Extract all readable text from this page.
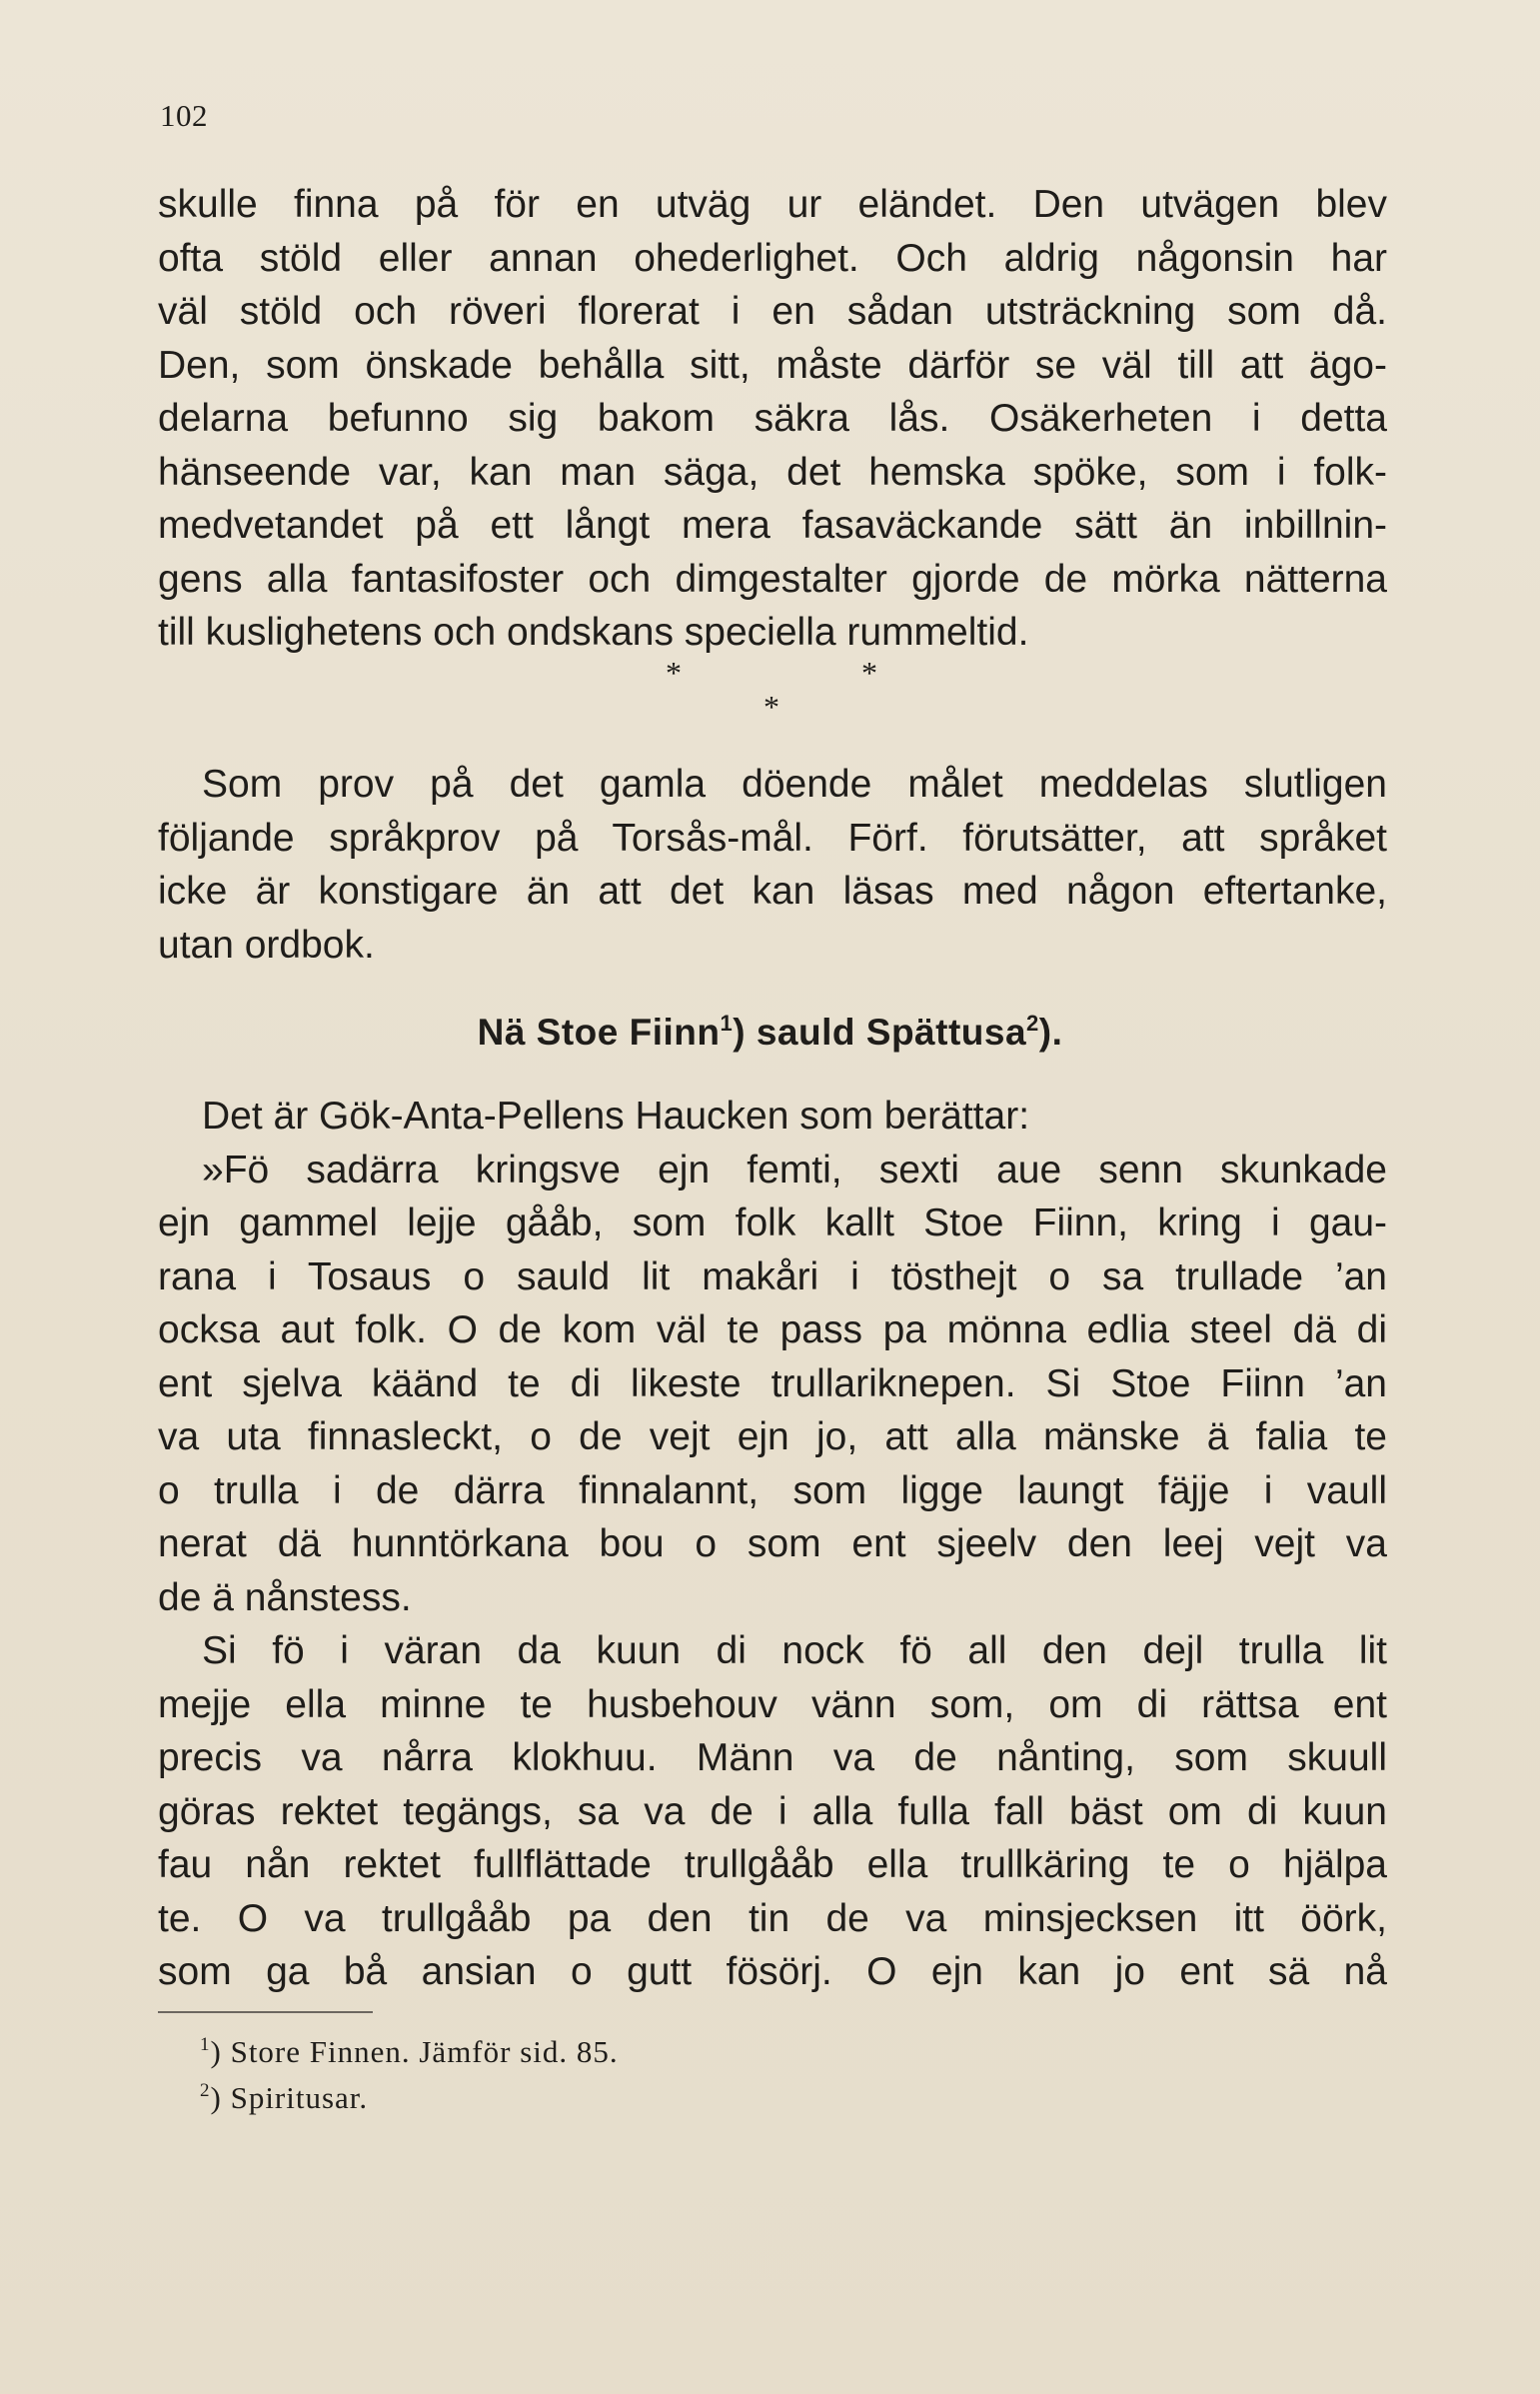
102
skulle finna på för en utväg ur eländet. Den utvägen blev
ofta stöld eller annan ohederlighet. Och aldrig någonsin har
väl stöld och röveri florerat i en sådan utsträckning som då.
Den, som önskade behålla sitt, måste därför se väl till att ägo-
delarna befunno sig bakom säkra lås. Osäkerheten i detta
hänseende var, kan man säga, det hemska spöke, som i folk-
medvetandet på ett långt mera fasaväckande sätt än inbillnin-
gens alla fantasifoster och dimgestalter gjorde de mörka nätterna
till kuslighetens och ondskans speciella rummeltid.
*	*
*
Som prov på det gamla döende målet meddelas slutligen
följande språkprov på Torsås-mål. Förf. förutsätter, att språket
icke är konstigare än att det kan läsas med någon eftertanke,
utan ordbok.
Nä Stoe Fiinn$^1$) sauld Spättusa$^2$).
Det är Gök-Anta-Pellens Haucken som berättar:
»Fö sadärra kringsve ejn femti, sexti aue senn skunkade
ejn gammel lejje gååb, som folk kallt Stoe Fiinn, kring i gau-
rana i Tosaus o sauld lit makåri i tösthejt o sa trullade ’an
ocksa aut folk. O de kom väl te pass pa mönna edlia steel dä di
ent sjelva käänd te di likeste trullariknepen. Si Stoe Fiinn ’an
va uta finnasleckt, o de vejt ejn jo, att alla mänske ä falia te
o trulla i de därra finnalannt, som ligge laungt fäjje i vaull
nerat dä hunntörkana bou o som ent sjeelv den leej vejt va
de ä nånstess.
Si fö i väran da kuun di nock fö all den dejl trulla lit
mejje ella minne te husbehouv vänn som, om di rättsa ent
precis va nårra klokhuu. Männ va de nånting, som skuull
göras rektet tegängs, sa va de i alla fulla fall bäst om di kuun
fau nån rektet fullflättade trullgååb ella trullkäring te o hjälpa
te. O va trullgååb pa den tin de va minsjecksen itt öörk,
som ga bå ansian o gutt fösörj. O ejn kan jo ent sä nå
$^1$) Store Finnen. Jämför sid. 85.
$^2$) Spiritusar.
